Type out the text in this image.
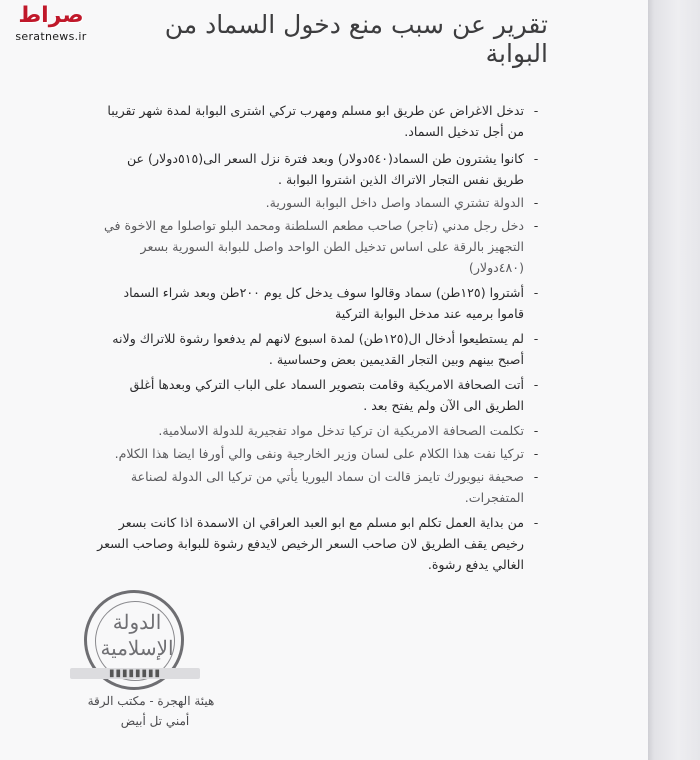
صراط
seratnews.ir	تقرير عن سبب منع دخول السماد من البوابة
-
تدخل الاغراض عن طريق ابو مسلم ومهرب تركي اشترى البوابة لمدة شهر تقريبا من أجل تدخيل السماد.
-
كانوا يشترون طن السماد(٥٤٠دولار) وبعد فترة نزل السعر الى(٥١٥دولار) عن طريق نفس التجار الاتراك الذين اشتروا البوابة .
-
الدولة تشتري السماد واصل داخل البوابة السورية.
-
دخل رجل مدني (تاجر) صاحب مطعم السلطنة ومحمد البلو تواصلوا مع الاخوة في التجهيز بالرقة على اساس تدخيل الطن الواحد واصل للبوابة السورية بسعر (٤٨٠دولار)
-
أشتروا (١٢٥طن) سماد وقالوا سوف يدخل كل يوم ٢٠٠طن وبعد شراء السماد قاموا برميه عند مدخل البوابة التركية
-
لم يستطيعوا أدخال ال(١٢٥طن) لمدة اسبوع لانهم لم يدفعوا رشوة للاتراك ولانه أصبح بينهم وبين التجار القديمين بعض وحساسية .
-
أتت الصحافة الامريكية وقامت بتصوير السماد على الباب التركي وبعدها أغلق الطريق الى الآن ولم يفتح بعد .
-
تكلمت الصحافة الامريكية ان تركيا تدخل مواد تفجيرية للدولة الاسلامية.
-
تركيا نفت هذا الكلام على لسان وزير الخارجية ونفى والي أورفا ايضا هذا الكلام.
-
صحيفة نيويورك تايمز قالت ان سماد اليوريا يأتي من تركيا الى الدولة لصناعة المتفجرات.
-
من بداية العمل تكلم ابو مسلم مع ابو العبد العراقي ان الاسمدة اذا كانت بسعر رخيص يقف الطريق لان صاحب السعر الرخيص لايدفع رشوة للبوابة وصاحب السعر الغالي يدفع رشوة.
الدولة الإسلامية
▮▮▮▮▮▮▮▮
هيئة الهجرة - مكتب الرقة
أمني تل أبيض
